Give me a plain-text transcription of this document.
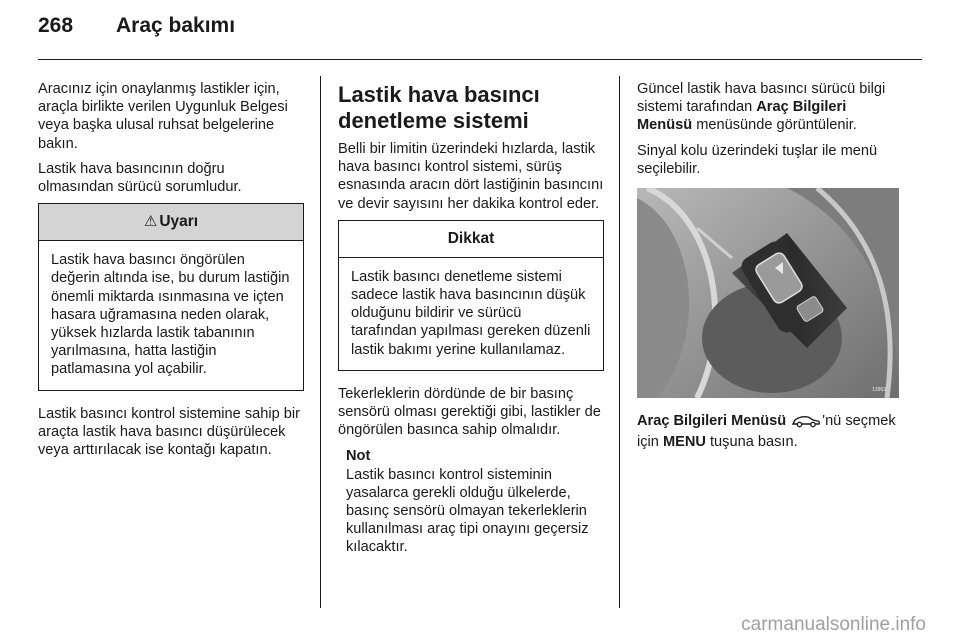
268 Araç bakımı

Aracınız için onaylanmış lastikler için, araçla birlikte verilen Uygunluk Belgesi veya başka ulusal ruhsat belgelerine bakın.

Lastik hava basıncının doğru olmasından sürücü sorumludur.

⚠ Uyarı
Lastik hava basıncı öngörülen değerin altında ise, bu durum lastiğin önemli miktarda ısınmasına ve içten hasara uğramasına neden olarak, yüksek hızlarda lastik tabanının yarılmasına, hatta lastiğin patlamasına yol açabilir.

Lastik basıncı kontrol sistemine sahip bir araçta lastik hava basıncı düşürülecek veya arttırılacak ise kontağı kapatın.

Lastik hava basıncı denetleme sistemi

Belli bir limitin üzerindeki hızlarda, lastik hava basıncı kontrol sistemi, sürüş esnasında aracın dört lastiğinin basıncını ve devir sayısını her dakika kontrol eder.

Dikkat
Lastik basıncı denetleme sistemi sadece lastik hava basıncının düşük olduğunu bildirir ve sürücü tarafından yapılması gereken düzenli lastik bakımı yerine kullanılamaz.

Tekerleklerin dördünde de bir basınç sensörü olması gerektiği gibi, lastikler de öngörülen basınca sahip olmalıdır.

Not
Lastik basıncı kontrol sisteminin yasalarca gerekli olduğu ülkelerde, basınç sensörü olmayan tekerleklerin kullanılması araç tipi onayını geçersiz kılacaktır.

Güncel lastik hava basıncı sürücü bilgi sistemi tarafından Araç Bilgileri Menüsü menüsünde görüntülenir.

Sinyal kolu üzerindeki tuşlar ile menü seçilebilir.

13963

Araç Bilgileri Menüsü 'nü seçmek için MENU tuşuna basın.

carmanualsonline.info
